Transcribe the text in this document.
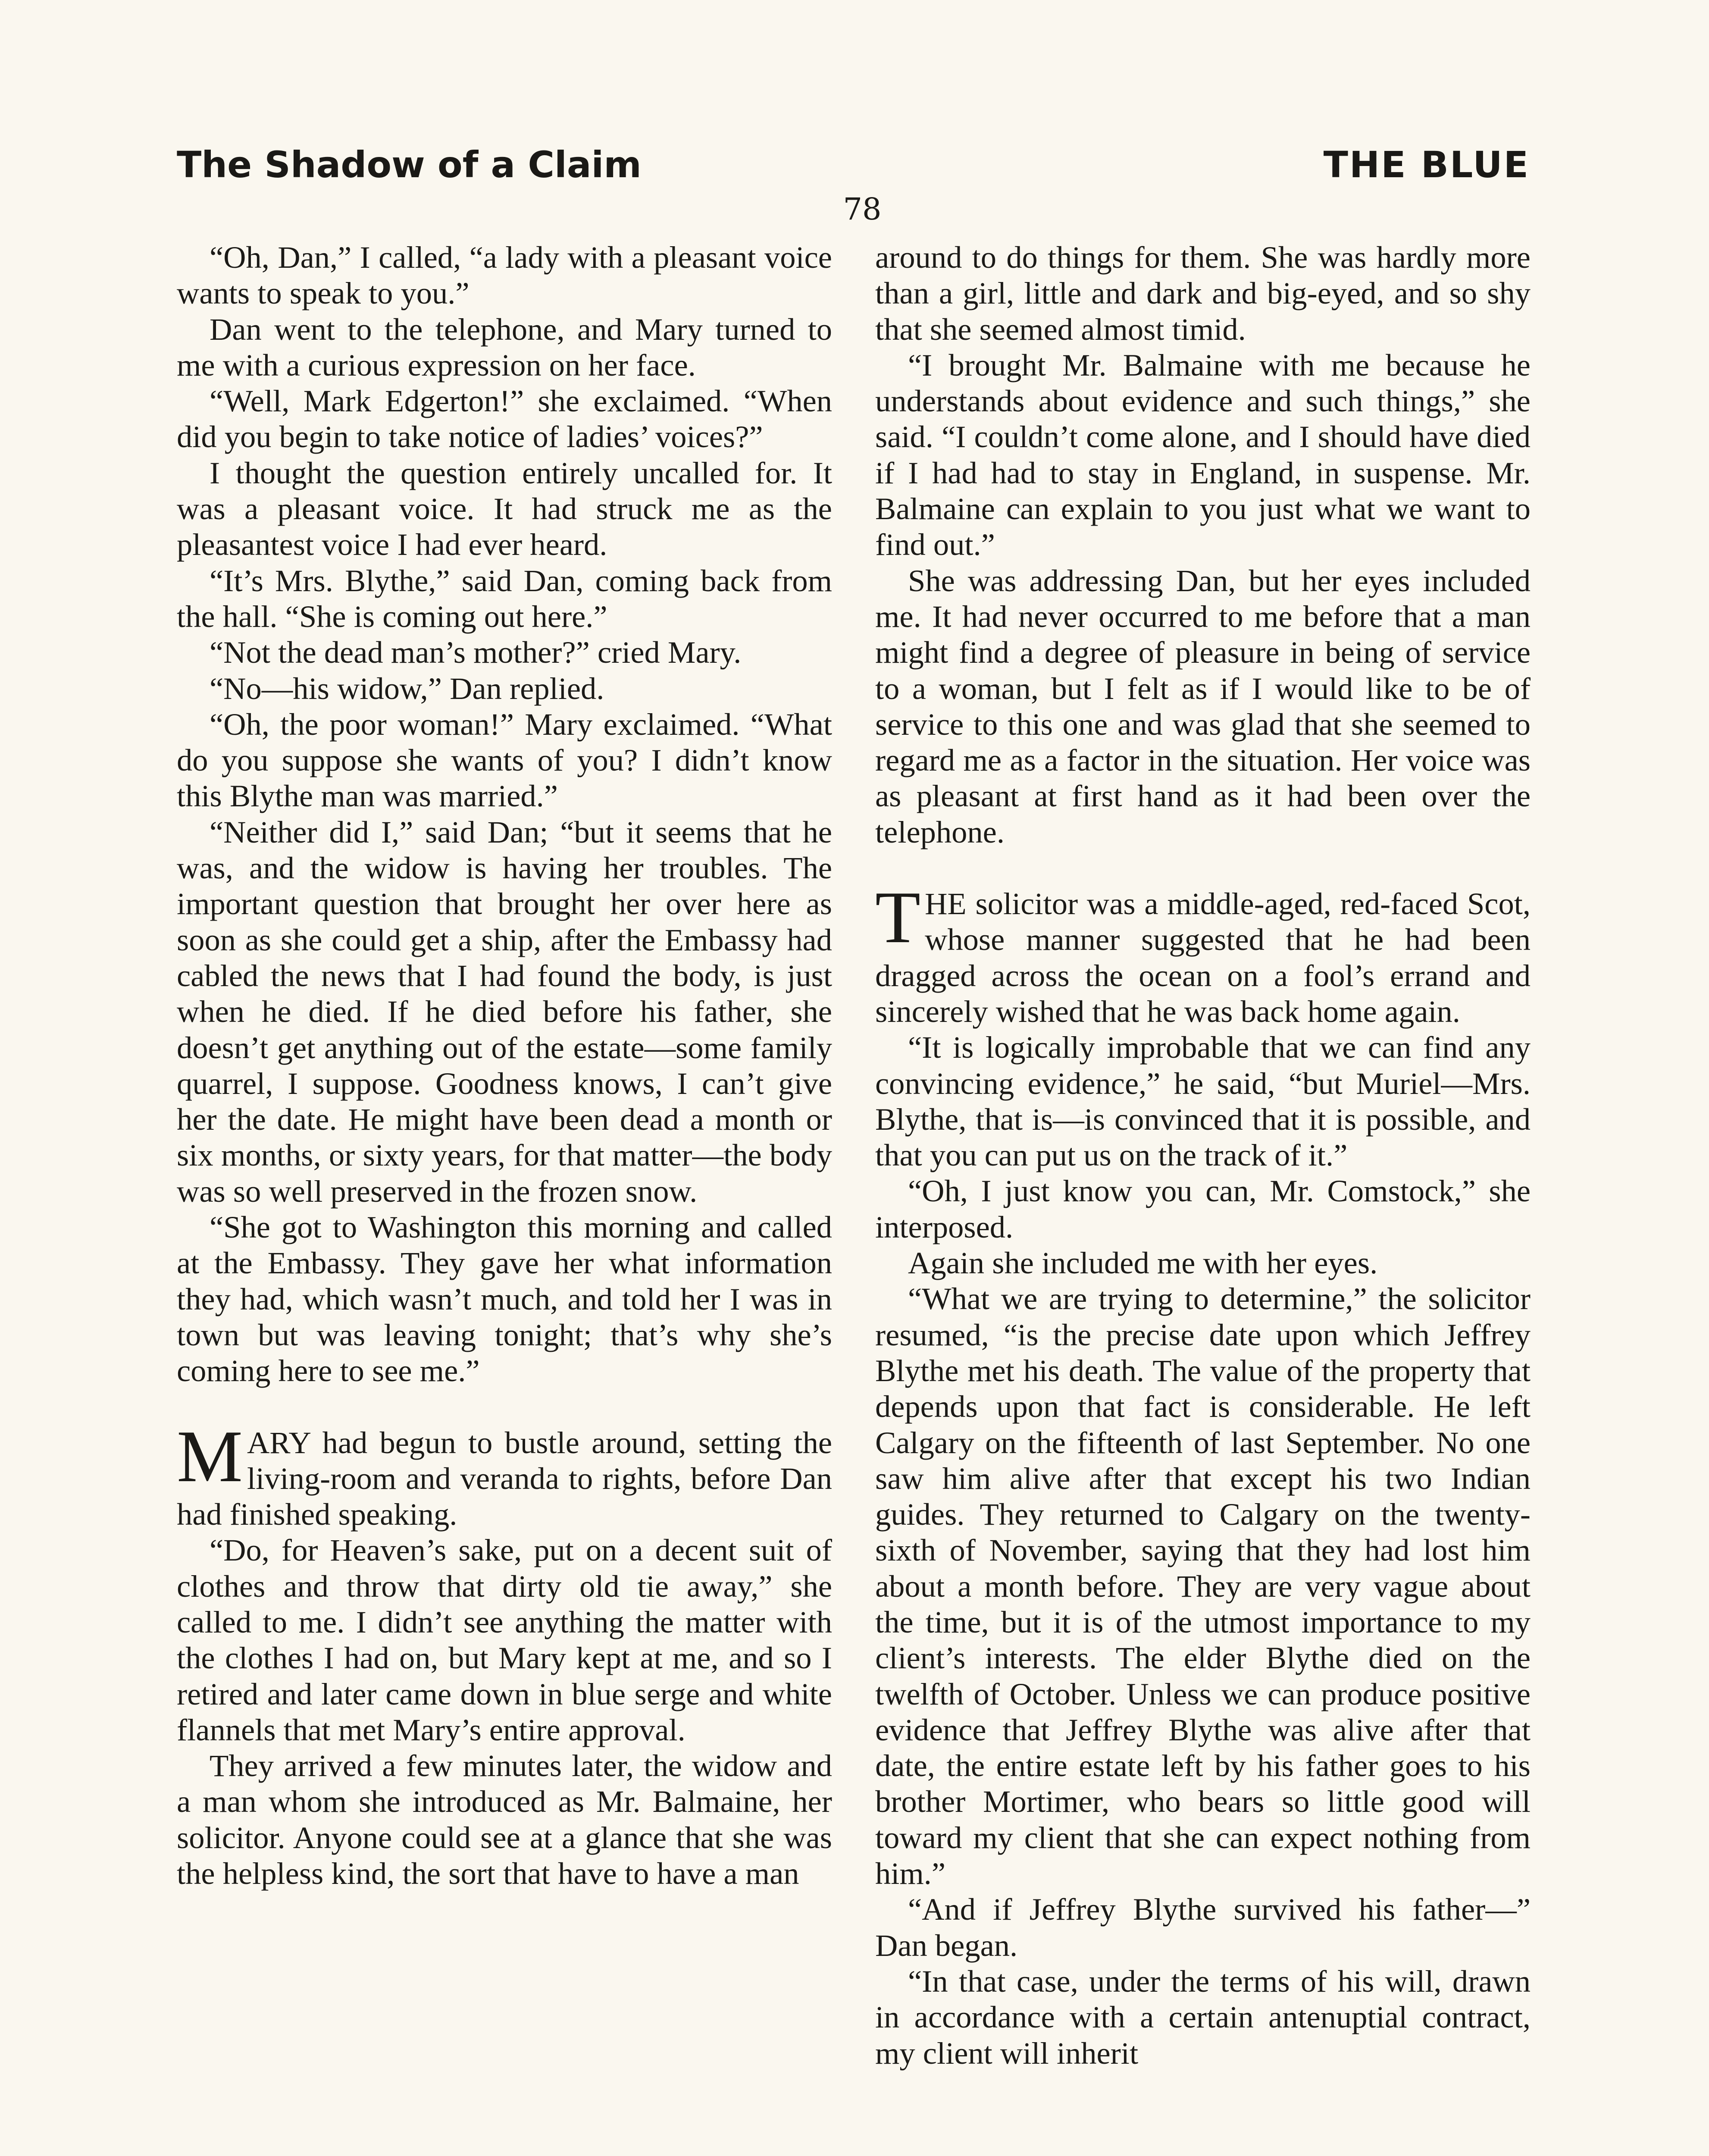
The Shadow of a Claim	THE BLUE
78

“Oh, Dan,” I called, “a lady with a pleasant voice wants to speak to you.”

Dan went to the telephone, and Mary turned to me with a curious expression on her face.

“Well, Mark Edgerton!” she exclaimed. “When did you begin to take notice of ladies’ voices?”

I thought the question entirely uncalled for. It was a pleasant voice. It had struck me as the pleasantest voice I had ever heard.

“It’s Mrs. Blythe,” said Dan, coming back from the hall. “She is coming out here.”

“Not the dead man’s mother?” cried Mary.

“No—his widow,” Dan replied.

“Oh, the poor woman!” Mary exclaimed. “What do you suppose she wants of you? I didn’t know this Blythe man was married.”

“Neither did I,” said Dan; “but it seems that he was, and the widow is having her troubles. The important question that brought her over here as soon as she could get a ship, after the Embassy had cabled the news that I had found the body, is just when he died. If he died before his father, she doesn’t get anything out of the estate—some family quarrel, I suppose. Goodness knows, I can’t give her the date. He might have been dead a month or six months, or sixty years, for that matter—the body was so well preserved in the frozen snow.

“She got to Washington this morning and called at the Embassy. They gave her what information they had, which wasn’t much, and told her I was in town but was leaving tonight; that’s why she’s coming here to see me.”

MARY had begun to bustle around, setting the living-room and veranda to rights, before Dan had finished speaking.

“Do, for Heaven’s sake, put on a decent suit of clothes and throw that dirty old tie away,” she called to me. I didn’t see anything the matter with the clothes I had on, but Mary kept at me, and so I retired and later came down in blue serge and white flannels that met Mary’s entire approval.

They arrived a few minutes later, the widow and a man whom she introduced as Mr. Balmaine, her solicitor. Anyone could see at a glance that she was the helpless kind, the sort that have to have a man

around to do things for them. She was hardly more than a girl, little and dark and big-eyed, and so shy that she seemed almost timid.

“I brought Mr. Balmaine with me because he understands about evidence and such things,” she said. “I couldn’t come alone, and I should have died if I had had to stay in England, in suspense. Mr. Balmaine can explain to you just what we want to find out.”

She was addressing Dan, but her eyes included me. It had never occurred to me before that a man might find a degree of pleasure in being of service to a woman, but I felt as if I would like to be of service to this one and was glad that she seemed to regard me as a factor in the situation. Her voice was as pleasant at first hand as it had been over the telephone.

THE solicitor was a middle-aged, red-faced Scot, whose manner suggested that he had been dragged across the ocean on a fool’s errand and sincerely wished that he was back home again.

“It is logically improbable that we can find any convincing evidence,” he said, “but Muriel—Mrs. Blythe, that is—is convinced that it is possible, and that you can put us on the track of it.”

“Oh, I just know you can, Mr. Comstock,” she interposed.

Again she included me with her eyes.

“What we are trying to determine,” the solicitor resumed, “is the precise date upon which Jeffrey Blythe met his death. The value of the property that depends upon that fact is considerable. He left Calgary on the fifteenth of last September. No one saw him alive after that except his two Indian guides. They returned to Calgary on the twenty-sixth of November, saying that they had lost him about a month before. They are very vague about the time, but it is of the utmost importance to my client’s interests. The elder Blythe died on the twelfth of October. Unless we can produce positive evidence that Jeffrey Blythe was alive after that date, the entire estate left by his father goes to his brother Mortimer, who bears so little good will toward my client that she can expect nothing from him.”

“And if Jeffrey Blythe survived his father—” Dan began.

“In that case, under the terms of his will, drawn in accordance with a certain antenuptial contract, my client will inherit
